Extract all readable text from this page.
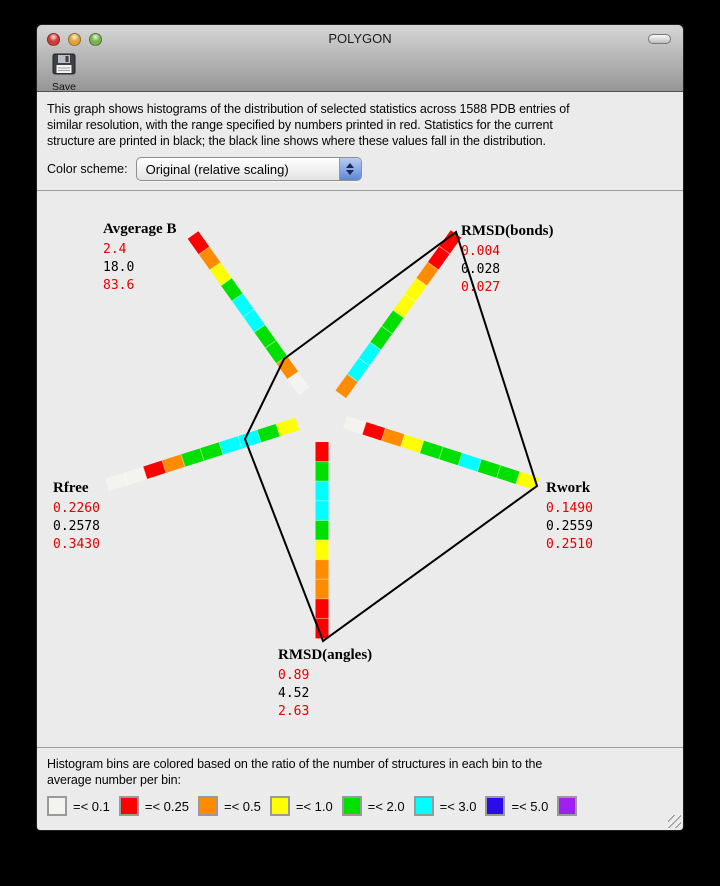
POLYGON
Save
This graph shows histograms of the distribution of selected statistics across 1588 PDB entries of
similar resolution, with the range specified by numbers printed in red. Statistics for the current
structure are printed in black; the black line shows where these values fall in the distribution.
Color scheme:	Original (relative scaling)
Avgerage B
2.4
18.0
83.6
RMSD(bonds)
0.004
0.028
0.027
Rwork
0.1490
0.2559
0.2510
RMSD(angles)
0.89
4.52
2.63
Rfree
0.2260
0.2578
0.3430
Histogram bins are colored based on the ratio of the number of structures in each bin to the
average number per bin:
=< 0.1	=< 0.25	=< 0.5	=< 1.0	=< 2.0	=< 3.0	=< 5.0
